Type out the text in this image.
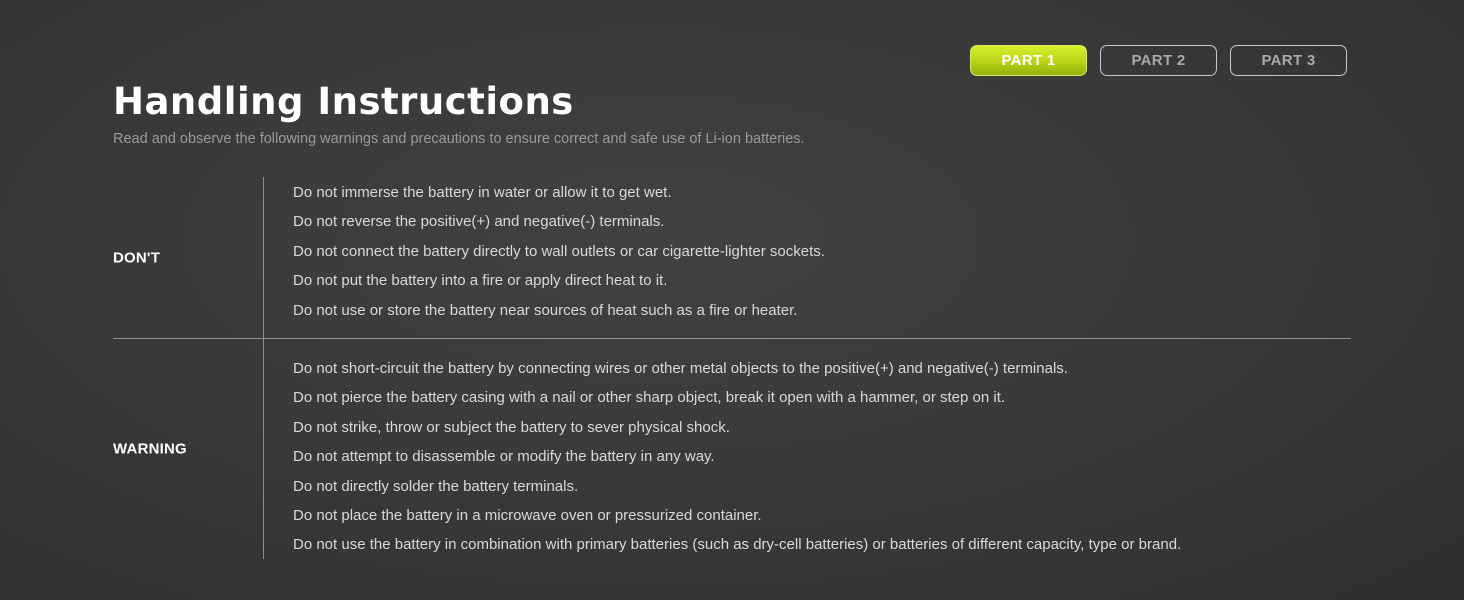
PART 1	PART 2	PART 3
Handling Instructions

Read and observe the following warnings and precautions to ensure correct and safe use of Li-ion batteries.

DON'T
Do not immerse the battery in water or allow it to get wet.
Do not reverse the positive(+) and negative(-) terminals.
Do not connect the battery directly to wall outlets or car cigarette-lighter sockets.
Do not put the battery into a fire or apply direct heat to it.
Do not use or store the battery near sources of heat such as a fire or heater.
WARNING
Do not short-circuit the battery by connecting wires or other metal objects to the positive(+) and negative(-) terminals.
Do not pierce the battery casing with a nail or other sharp object, break it open with a hammer, or step on it.
Do not strike, throw or subject the battery to sever physical shock.
Do not attempt to disassemble or modify the battery in any way.
Do not directly solder the battery terminals.
Do not place the battery in a microwave oven or pressurized container.
Do not use the battery in combination with primary batteries (such as dry-cell batteries) or batteries of different capacity, type or brand.
